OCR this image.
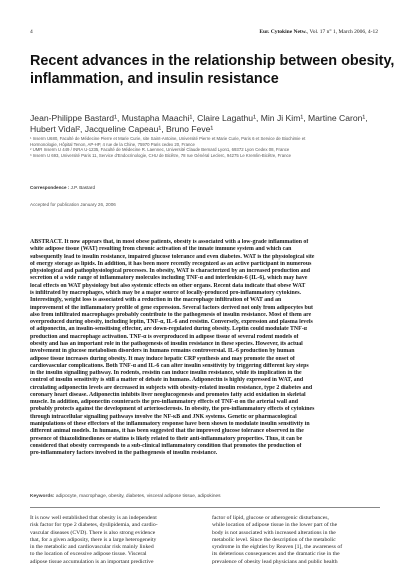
4	Eur. Cytokine Netw., Vol. 17 n° 1, March 2006, 4-12
Recent advances in the relationship between obesity,
inflammation, and insulin resistance
Jean-Philippe Bastard¹, Mustapha Maachi¹, Claire Lagathu¹, Min Ji Kim¹, Martine Caron¹,
Hubert Vidal², Jacqueline Capeau¹, Bruno Feve¹
¹ Inserm U680, Faculté de Médecine Pierre et Marie Curie, site Saint-Antoine, Université Pierre et Marie Curie, Paris 6 et Service de Biochimie et
Hormonologie, Hôpital Tenon, AP-HP, 4 rue de la Chine, 75970 Paris cedex 20, France
² UMR Inserm U 449 / INRA U-1235, Faculté de Médecine R. Laennec, Université Claude Bernard Lyon1, 69372 Lyon Cedex 08, France
³ Inserm U 693, Université Paris 11, Service d'Endocrinologie, CHU de Bicêtre, 78 rue Général Leclerc, 94275 Le Kremlin-Bicêtre, France
Correspondence : J.P. Bastard
Accepted for publication January 26, 2006
ABSTRACT. It now appears that, in most obese patients, obesity is associated with a low-grade inflammation of
white adipose tissue (WAT) resulting from chronic activation of the innate immune system and which can
subsequently lead to insulin resistance, impaired glucose tolerance and even diabetes. WAT is the physiological site
of energy storage as lipids. In addition, it has been more recently recognized as an active participant in numerous
physiological and pathophysiological processes. In obesity, WAT is characterized by an increased production and
secretion of a wide range of inflammatory molecules including TNF-α and interleukin-6 (IL-6), which may have
local effects on WAT physiology but also systemic effects on other organs. Recent data indicate that obese WAT
is infiltrated by macrophages, which may be a major source of locally-produced pro-inflammatory cytokines.
Interestingly, weight loss is associated with a reduction in the macrophage infiltration of WAT and an
improvement of the inflammatory profile of gene expression. Several factors derived not only from adipocytes but
also from infiltrated macrophages probably contribute to the pathogenesis of insulin resistance. Most of them are
overproduced during obesity, including leptin, TNF-α, IL-6 and resistin. Conversely, expression and plasma levels
of adiponectin, an insulin-sensitising effector, are down-regulated during obesity. Leptin could modulate TNF-α
production and macrophage activation. TNF-α is overproduced in adipose tissue of several rodent models of
obesity and has an important role in the pathogenesis of insulin resistance in these species. However, its actual
involvement in glucose metabolism disorders in humans remains controversial. IL-6 production by human
adipose tissue increases during obesity. It may induce hepatic CRP synthesis and may promote the onset of
cardiovascular complications. Both TNF-α and IL-6 can alter insulin sensitivity by triggering different key steps
in the insulin signalling pathway. In rodents, resistin can induce insulin resistance, while its implication in the
control of insulin sensitivity is still a matter of debate in humans. Adiponectin is highly expressed in WAT, and
circulating adiponectin levels are decreased in subjects with obesity-related insulin resistance, type 2 diabetes and
coronary heart disease. Adiponectin inhibits liver neoglucogenesis and promotes fatty acid oxidation in skeletal
muscle. In addition, adiponectin counteracts the pro-inflammatory effects of TNF-α on the arterial wall and
probably protects against the development of arteriosclerosis. In obesity, the pro-inflammatory effects of cytokines
through intracellular signalling pathways involve the NF-κB and JNK systems. Genetic or pharmacological
manipulations of these effectors of the inflammatory response have been shown to modulate insulin sensitivity in
different animal models. In humans, it has been suggested that the improved glucose tolerance observed in the
presence of thiazolidinediones or statins is likely related to their anti-inflammatory properties. Thus, it can be
considered that obesity corresponds to a sub-clinical inflammatory condition that promotes the production of
pro-inflammatory factors involved in the pathogenesis of insulin resistance.
Keywords: adipocyte, macrophage, obesity, diabetes, visceral adipose tissue, adipokines
It is now well established that obesity is an independent
risk factor for type 2 diabetes, dyslipidemia, and cardio-
vascular diseases (CVD). There is also strong evidence
that, for a given adiposity, there is a large heterogeneity
in the metabolic and cardiovascular risk mainly linked
to the location of excessive adipose tissue. Visceral
adipose tissue accumulation is an important predictive
factor of lipid, glucose or atherogenic disturbances,
while location of adipose tissue in the lower part of the
body is not associated with increased alterations in the
metabolic level. Since the description of the metabolic
syndrome in the eighties by Reaven [1], the awareness of
its deleterious consequences and the dramatic rise in the
prevalence of obesity lead physicians and public health
